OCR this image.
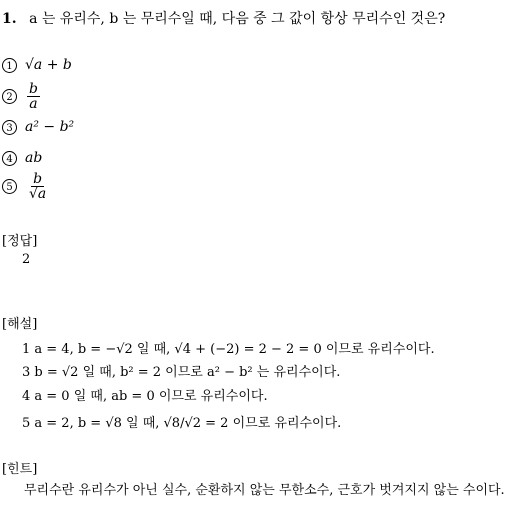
1. a 는 유리수, b 는 무리수일 때, 다음 중 그 값이 항상 무리수인 것은?
1 √a + b
2	$\frac{b}{a}$
3 a² − b²
4 ab
5	$\frac{b}{√a}$
[정답]
2
[해설]
1 a = 4, b = −√2 일 때, √4 + (−2) = 2 − 2 = 0 이므로 유리수이다.
3 b = √2 일 때, b² = 2 이므로 a² − b² 는 유리수이다.
4 a = 0 일 때, ab = 0 이므로 유리수이다.
5 a = 2, b = √8 일 때, √8/√2 = 2 이므로 유리수이다.
[힌트]
무리수란 유리수가 아닌 실수, 순환하지 않는 무한소수, 근호가 벗겨지지 않는 수이다.
